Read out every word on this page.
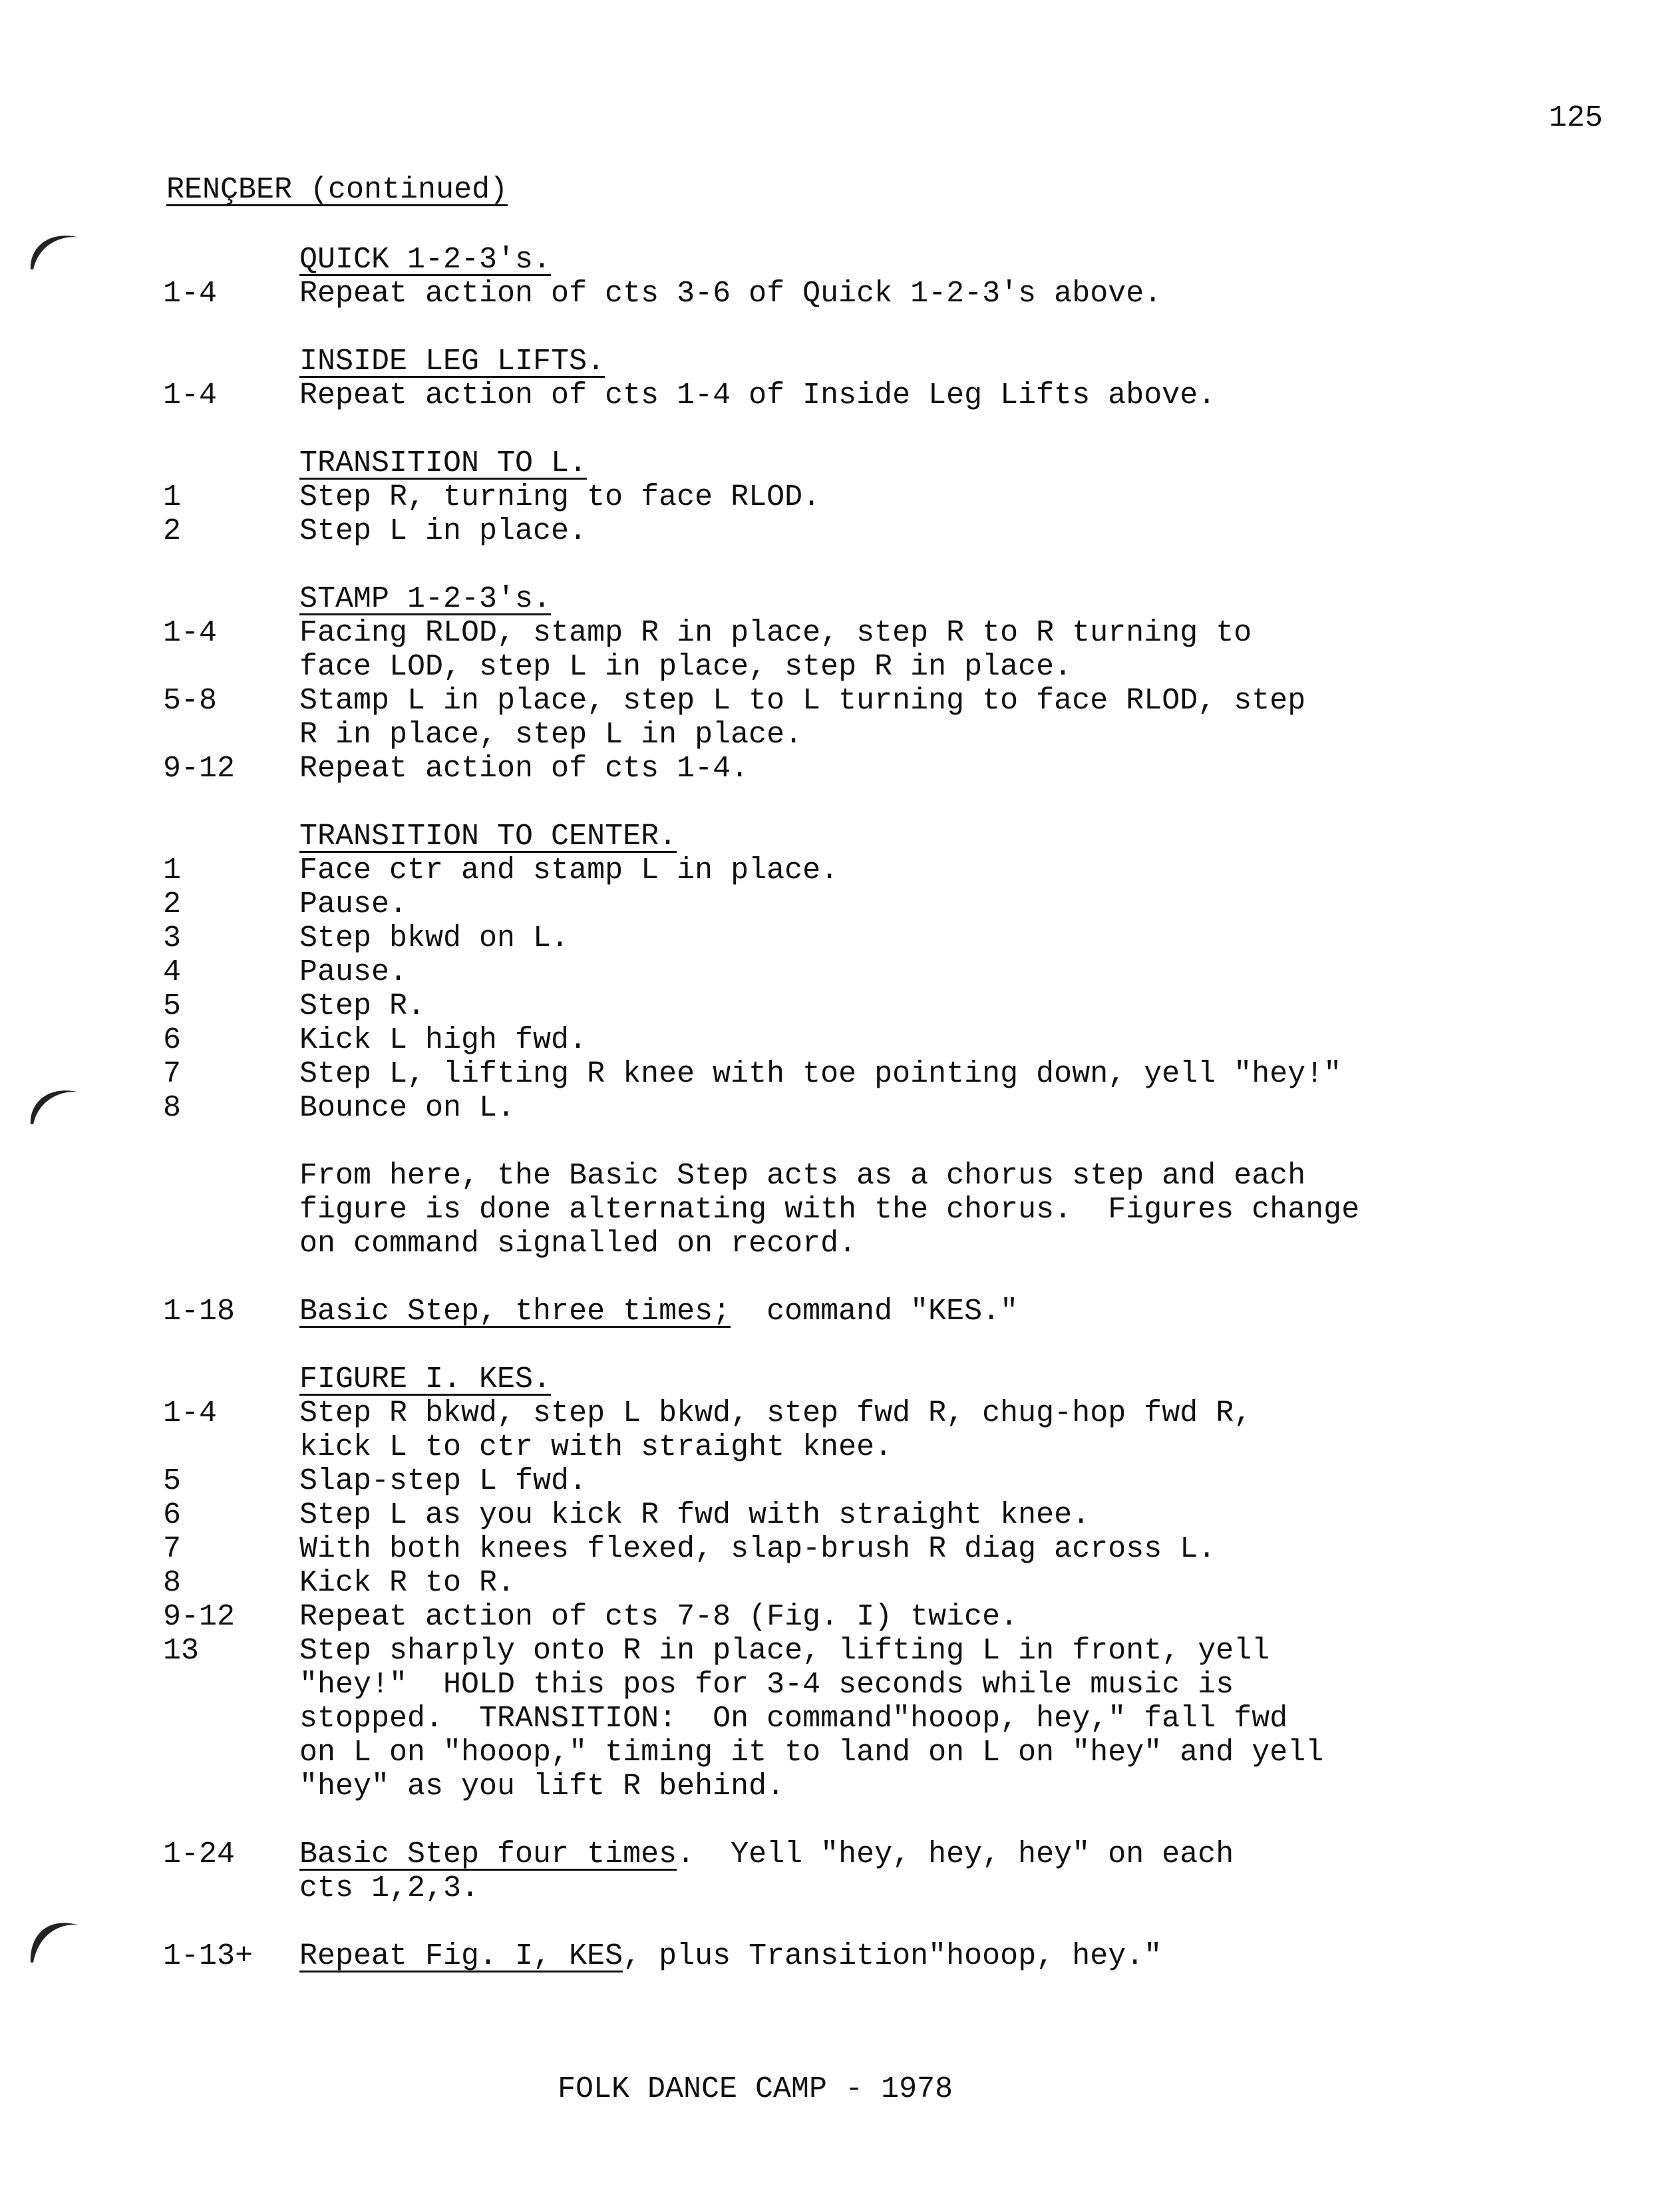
125
RENÇBER (continued)
QUICK 1-2-3's.
1-4	Repeat action of cts 3-6 of Quick 1-2-3's above.
INSIDE LEG LIFTS.
1-4	Repeat action of cts 1-4 of Inside Leg Lifts above.
TRANSITION TO L.
1	Step R, turning to face RLOD.
2	Step L in place.
STAMP 1-2-3's.
1-4	Facing RLOD, stamp R in place, step R to R turning to
face LOD, step L in place, step R in place.
5-8	Stamp L in place, step L to L turning to face RLOD, step
R in place, step L in place.
9-12	Repeat action of cts 1-4.
TRANSITION TO CENTER.
1	Face ctr and stamp L in place.
2	Pause.
3	Step bkwd on L.
4	Pause.
5	Step R.
6	Kick L high fwd.
7	Step L, lifting R knee with toe pointing down, yell "hey!"
8	Bounce on L.
From here, the Basic Step acts as a chorus step and each
figure is done alternating with the chorus.  Figures change
on command signalled on record.
1-18	Basic Step, three times;  command "KES."
FIGURE I. KES.
1-4	Step R bkwd, step L bkwd, step fwd R, chug-hop fwd R,
kick L to ctr with straight knee.
5	Slap-step L fwd.
6	Step L as you kick R fwd with straight knee.
7	With both knees flexed, slap-brush R diag across L.
8	Kick R to R.
9-12	Repeat action of cts 7-8 (Fig. I) twice.
13	Step sharply onto R in place, lifting L in front, yell
"hey!"  HOLD this pos for 3-4 seconds while music is
stopped.  TRANSITION:  On command"hooop, hey," fall fwd
on L on "hooop," timing it to land on L on "hey" and yell
"hey" as you lift R behind.
1-24	Basic Step four times.  Yell "hey, hey, hey" on each
cts 1,2,3.
1-13+	Repeat Fig. I, KES, plus Transition"hooop, hey."
FOLK DANCE CAMP - 1978
